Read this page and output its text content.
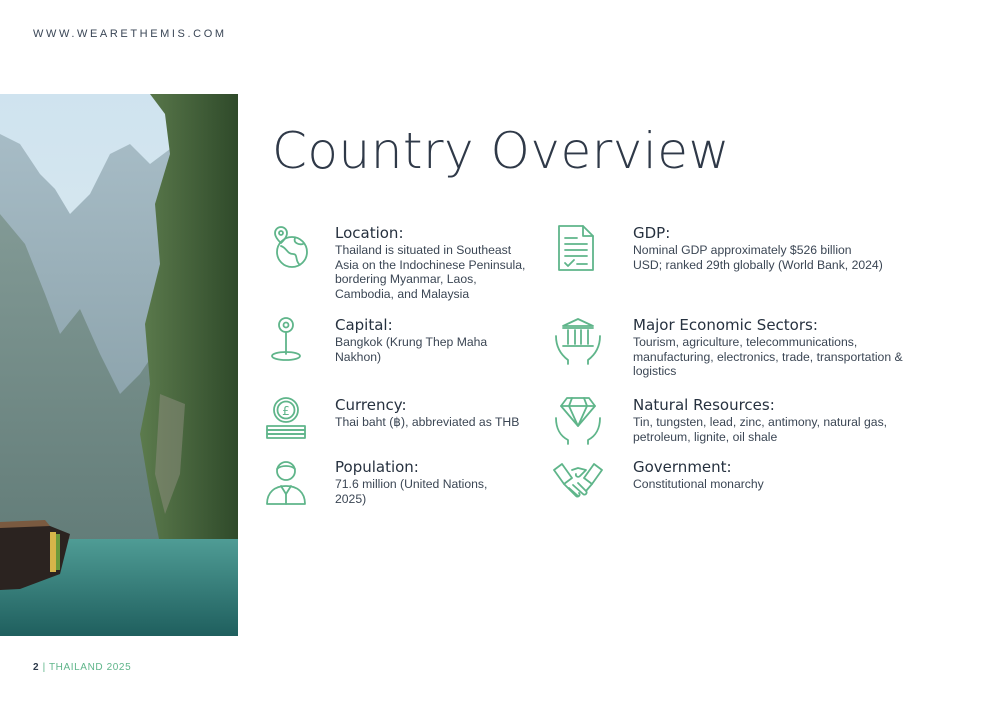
WWW.WEARETHEMIS.COM
Country Overview
Location:

Thailand is situated in Southeast Asia on the Indochinese Peninsula, bordering Myanmar, Laos, Cambodia, and Malaysia

Capital:

Bangkok (Krung Thep Maha Nakhon)

£	Currency:

Thai baht (฿), abbreviated as THB

Population:

71.6 million (United Nations, 2025)

GDP:

Nominal GDP approximately $526 billion USD; ranked 29th globally (World Bank, 2024)

Major Economic Sectors:

Tourism, agriculture, telecommunications, manufacturing, electronics, trade, transportation & logistics

Natural Resources:

Tin, tungsten, lead, zinc, antimony, natural gas, petroleum, lignite, oil shale

Government:

Constitutional monarchy

2 | THAILAND 2025
